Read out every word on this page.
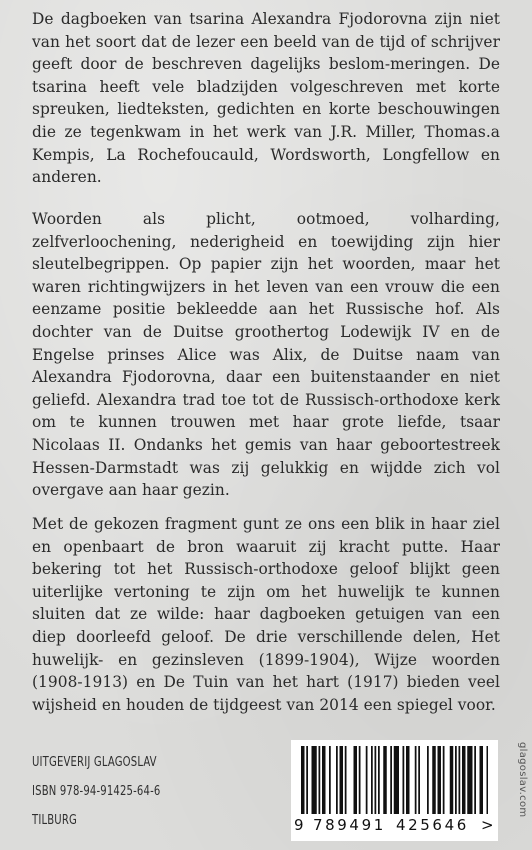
De dagboeken van tsarina Alexandra Fjodorovna zijn niet van het soort dat de lezer een beeld van de tijd of schrijver geeft door de beschreven dagelijks beslom-meringen. De tsarina heeft vele bladzijden volgeschreven met korte spreuken, liedteksten, gedichten en korte beschouwingen die ze tegenkwam in het werk van J.R. Miller, Thomas.a Kempis, La Rochefoucauld, Wordsworth, Longfellow en anderen.
Woorden als plicht, ootmoed, volharding, zelfverloochening, nederigheid en toewijding zijn hier sleutelbegrippen. Op papier zijn het woorden, maar het waren richtingwijzers in het leven van een vrouw die een eenzame positie bekleedde aan het Russische hof. Als dochter van de Duitse groothertog Lodewijk IV en de Engelse prinses Alice was Alix, de Duitse naam van Alexandra Fjodorovna, daar een buitenstaander en niet geliefd. Alexandra trad toe tot de Russisch-orthodoxe kerk om te kunnen trouwen met haar grote liefde, tsaar Nicolaas II. Ondanks het gemis van haar geboortestreek Hessen-Darmstadt was zij gelukkig en wijdde zich vol overgave aan haar gezin.
Met de gekozen fragment gunt ze ons een blik in haar ziel en openbaart de bron waaruit zij kracht putte. Haar bekering tot het Russisch-orthodoxe geloof blijkt geen uiterlijke vertoning te zijn om het huwelijk te kunnen sluiten dat ze wilde: haar dagboeken getuigen van een diep doorleefd geloof. De drie verschillende delen, Het huwelijk- en gezinsleven (1899-1904), Wijze woorden (1908-1913) en De Tuin van het hart (1917) bieden veel wijsheid en houden de tijdgeest van 2014 een spiegel voor.
UITGEVERIJ GLAGOSLAV
ISBN 978-94-91425-64-6
TILBURG	9 789491 425646 >
glagoslav.com
